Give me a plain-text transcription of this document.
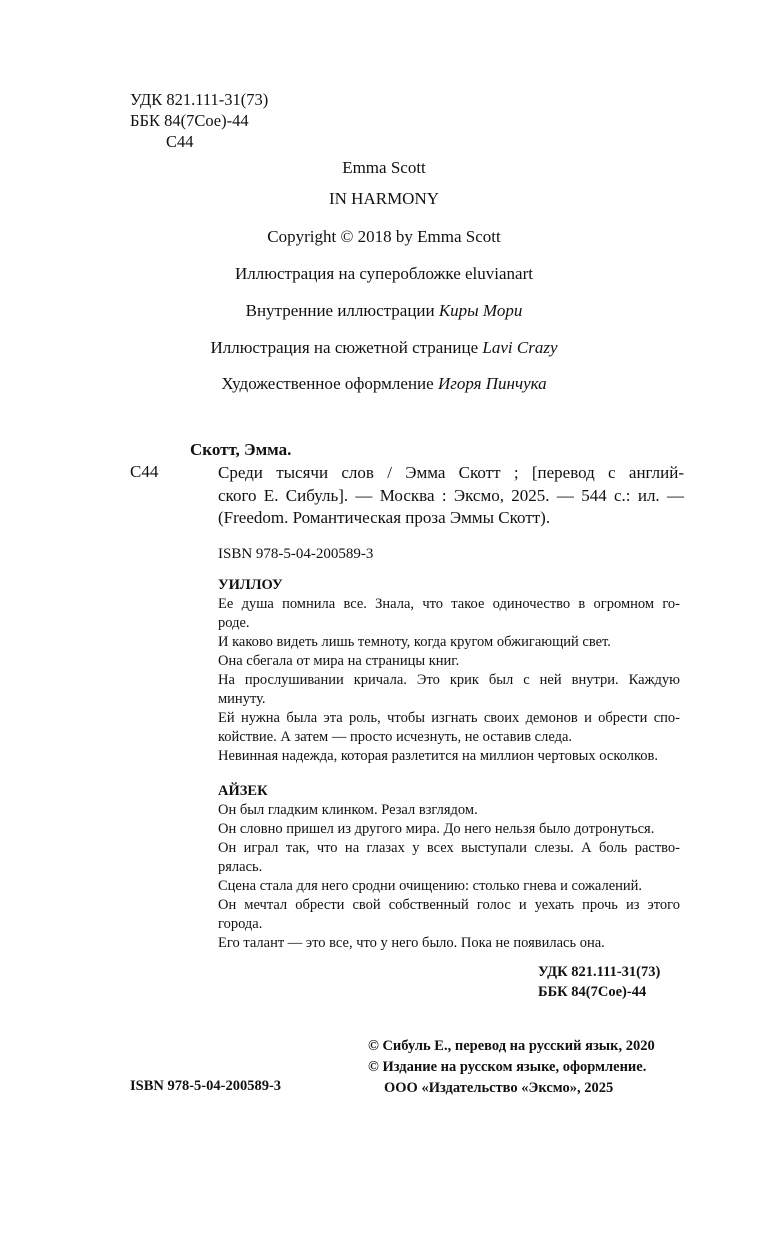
УДК 821.111-31(73)
ББК 84(7Сое)-44
С44

Emma Scott

IN HARMONY

Copyright © 2018 by Emma Scott

Иллюстрация на суперобложке eluvianart

Внутренние иллюстрации Киры Мори

Иллюстрация на сюжетной странице Lavi Crazy

Художественное оформление Игоря Пинчука

Скотт, Эмма.
С44	Среди тысячи слов / Эмма Скотт ; [перевод с англий-
ского Е. Сибуль]. — Москва : Эксмо, 2025. — 544 с.: ил. —
(Freedom. Романтическая проза Эммы Скотт).
ISBN 978-5-04-200589-3
УИЛЛОУ

Ее душа помнила все. Знала, что такое одиночество в огромном го-
роде.

И каково видеть лишь темноту, когда кругом обжигающий свет.

Она сбегала от мира на страницы книг.

На прослушивании кричала. Это крик был с ней внутри. Каждую
минуту.

Ей нужна была эта роль, чтобы изгнать своих демонов и обрести спо-
койствие. А затем — просто исчезнуть, не оставив следа.

Невинная надежда, которая разлетится на миллион чертовых осколков.

АЙЗЕК

Он был гладким клинком. Резал взглядом.

Он словно пришел из другого мира. До него нельзя было дотронуться.

Он играл так, что на глазах у всех выступали слезы. А боль раство-
рялась.

Сцена стала для него сродни очищению: столько гнева и сожалений.

Он мечтал обрести свой собственный голос и уехать прочь из этого
города.

Его талант — это все, что у него было. Пока не появилась она.

УДК 821.111-31(73)
ББК 84(7Сое)-44
© Сибуль Е., перевод на русский язык, 2020
© Издание на русском языке, оформление.
ООО «Издательство «Эксмо», 2025
ISBN 978-5-04-200589-3
